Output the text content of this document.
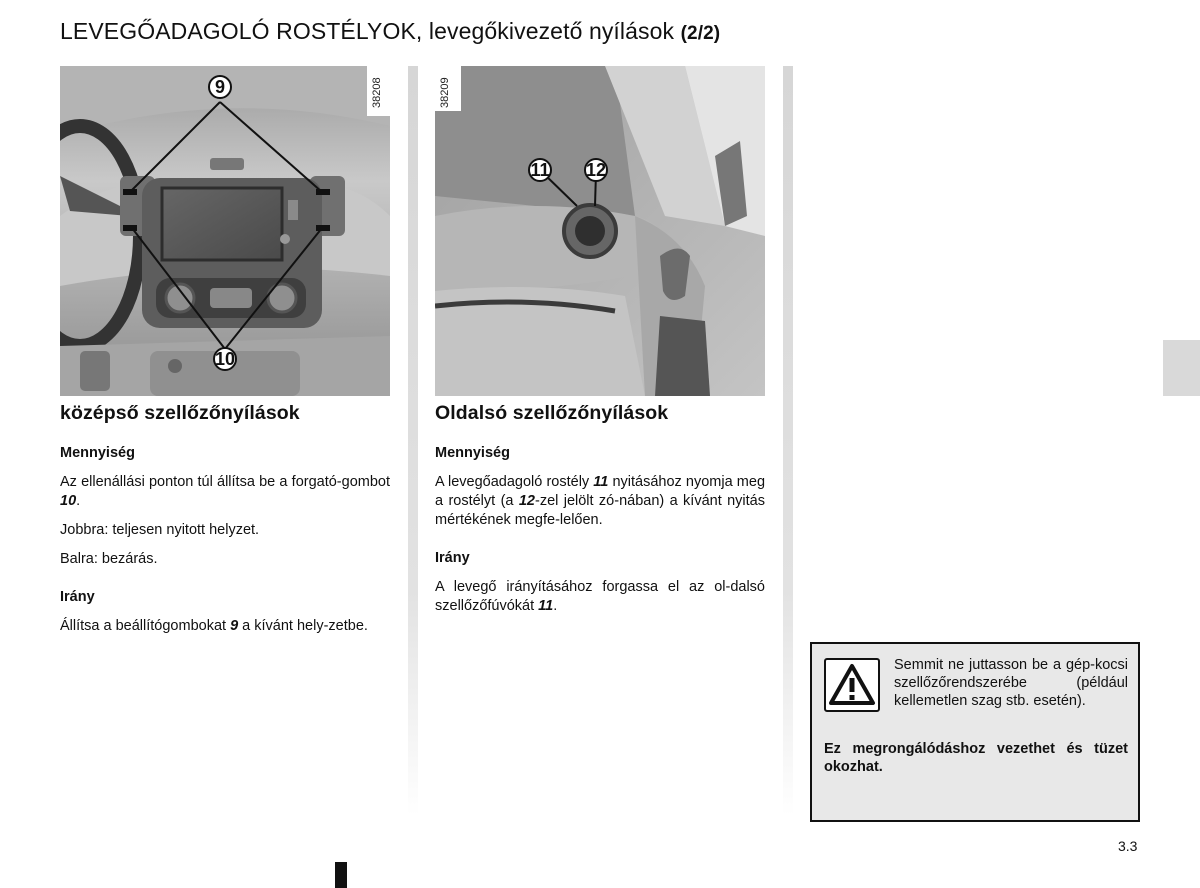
LEVEGŐADAGOLÓ ROSTÉLYOK, levegőkivezető nyílások (2/2)
38208
9
10
38209
11 12
középső szellőzőnyílások
Mennyiség

Az ellenállási ponton túl állítsa be a forgató-gombot 10.

Jobbra: teljesen nyitott helyzet.

Balra: bezárás.

Irány

Állítsa a beállítógombokat 9 a kívánt hely-zetbe.

Oldalsó szellőzőnyílások
Mennyiség

A levegőadagoló rostély 11 nyitásához nyomja meg a rostélyt (a 12-zel jelölt zó-nában) a kívánt nyitás mértékének megfe-lelően.

Irány

A levegő irányításához forgassa el az ol-dalsó szellőzőfúvókát 11.

Semmit ne juttasson be a gép-kocsi szellőzőrendszerébe (például kellemetlen szag stb. esetén).
Ez megrongálódáshoz vezethet és tüzet okozhat.
3.3
